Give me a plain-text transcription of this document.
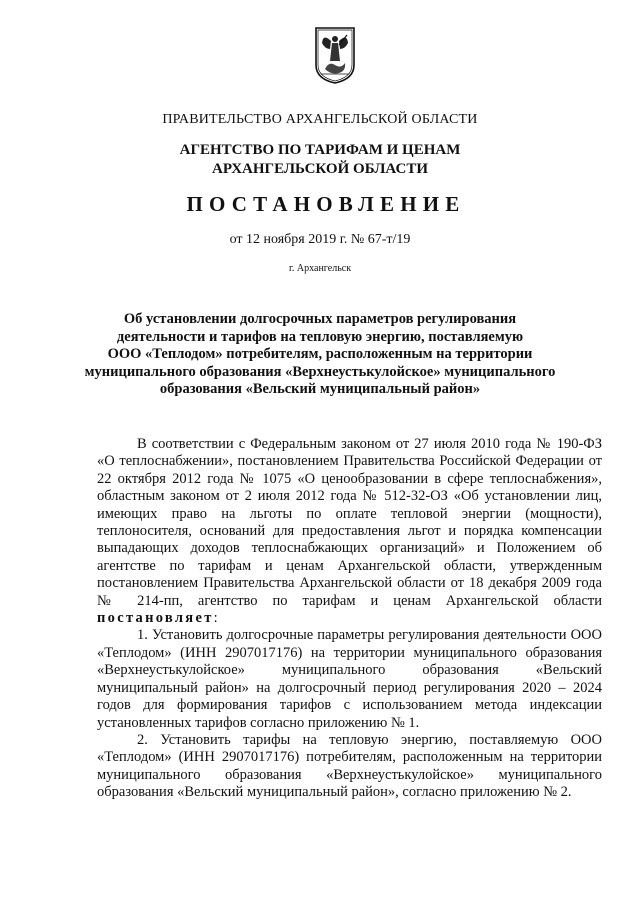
ПРАВИТЕЛЬСТВО АРХАНГЕЛЬСКОЙ ОБЛАСТИ
АГЕНТСТВО ПО ТАРИФАМ И ЦЕНАМ
АРХАНГЕЛЬСКОЙ ОБЛАСТИ
ПОСТАНОВЛЕНИЕ
от 12 ноября 2019 г. № 67-т/19
г. Архангельск
Об установлении долгосрочных параметров регулирования
деятельности и тарифов на тепловую энергию, поставляемую
ООО «Теплодом» потребителям, расположенным на территории
муниципального образования «Верхнеустькулойское» муниципального
образования «Вельский муниципальный район»

В соответствии с Федеральным законом от 27 июля 2010 года № 190-ФЗ «О теплоснабжении», постановлением Правительства Российской Федерации от 22 октября 2012 года № 1075 «О ценообразовании в сфере теплоснабжения», областным законом от 2 июля 2012 года № 512-32-ОЗ «Об установлении лиц, имеющих право на льготы по оплате тепловой энергии (мощности), теплоносителя, оснований для предоставления льгот и порядка компенсации выпадающих доходов теплоснабжающих организаций» и Положением об агентстве по тарифам и ценам Архангельской области, утвержденным постановлением Правительства Архангельской области от 18 декабря 2009 года № 214-пп, агентство по тарифам и ценам Архангельской области постановляет:

1. Установить долгосрочные параметры регулирования деятельности ООО «Теплодом» (ИНН 2907017176) на территории муниципального образования «Верхнеустькулойское» муниципального образования «Вельский муниципальный район» на долгосрочный период регулирования 2020 – 2024 годов для формирования тарифов с использованием метода индексации установленных тарифов согласно приложению № 1.

2. Установить тарифы на тепловую энергию, поставляемую ООО «Теплодом» (ИНН 2907017176) потребителям, расположенным на территории муниципального образования «Верхнеустькулойское» муниципального образования «Вельский муниципальный район», согласно приложению № 2.
